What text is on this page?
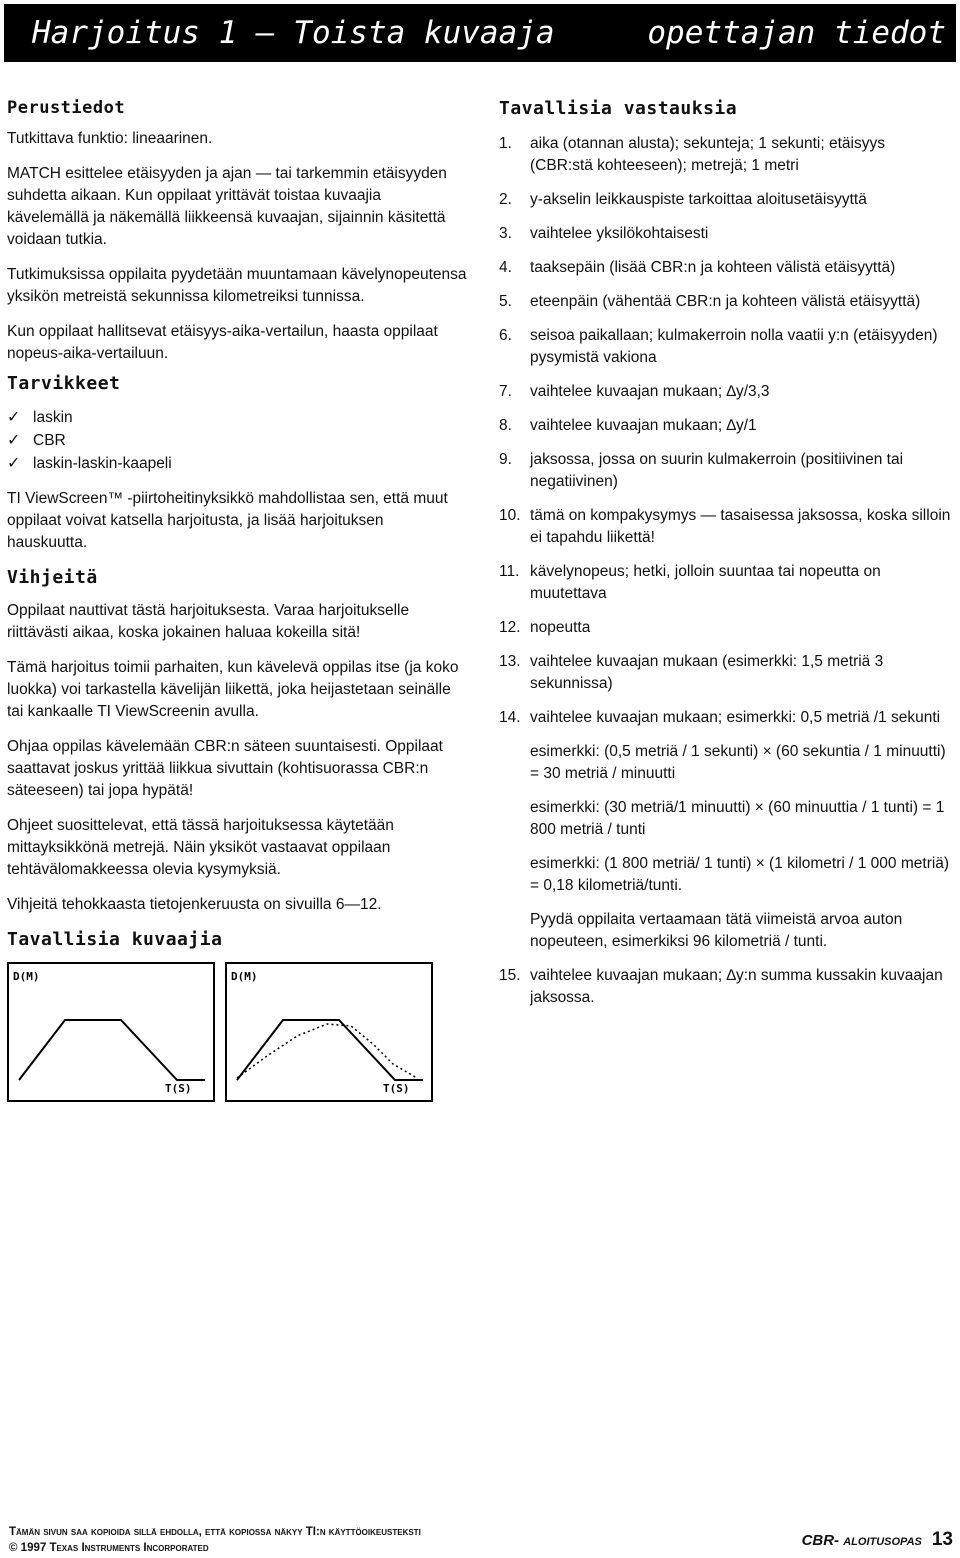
Harjoitus 1 — Toista kuvaaja	opettajan tiedot
Perustiedot

Tutkittava funktio: lineaarinen.

MATCH esittelee etäisyyden ja ajan — tai tarkemmin etäisyyden suhdetta aikaan. Kun oppilaat yrittävät toistaa kuvaajia kävelemällä ja näkemällä liikkeensä kuvaajan, sijainnin käsitettä voidaan tutkia.

Tutkimuksissa oppilaita pyydetään muuntamaan kävelynopeutensa yksikön metreistä sekunnissa kilometreiksi tunnissa.

Kun oppilaat hallitsevat etäisyys-aika-vertailun, haasta oppilaat nopeus-aika-vertailuun.

Tarvikkeet
✓ laskin
✓ CBR
✓ laskin-laskin-kaapeli

TI ViewScreen™ -piirtoheitinyksikkö mahdollistaa sen, että muut oppilaat voivat katsella harjoitusta, ja lisää harjoituksen hauskuutta.

Vihjeitä

Oppilaat nauttivat tästä harjoituksesta. Varaa harjoitukselle riittävästi aikaa, koska jokainen haluaa kokeilla sitä!

Tämä harjoitus toimii parhaiten, kun kävelevä oppilas itse (ja koko luokka) voi tarkastella kävelijän liikettä, joka heijastetaan seinälle tai kankaalle TI ViewScreenin avulla.

Ohjaa oppilas kävelemään CBR:n säteen suuntaisesti. Oppilaat saattavat joskus yrittää liikkua sivuttain (kohtisuorassa CBR:n säteeseen) tai jopa hypätä!

Ohjeet suosittelevat, että tässä harjoituksessa käytetään mittayksikkönä metrejä. Näin yksiköt vastaavat oppilaan tehtävälomakkeessa olevia kysymyksiä.

Vihjeitä tehokkaasta tietojenkeruusta on sivuilla 6—12.

Tavallisia kuvaajia
D(M)
T(S)
D(M)
T(S)
Tavallisia vastauksia
1.	aika (otannan alusta); sekunteja; 1 sekunti; etäisyys (CBR:stä kohteeseen); metrejä; 1 metri
2.	y-akselin leikkauspiste tarkoittaa aloitusetäisyyttä
3.	vaihtelee yksilökohtaisesti
4.	taaksepäin (lisää CBR:n ja kohteen välistä etäisyyttä)
5.	eteenpäin (vähentää CBR:n ja kohteen välistä etäisyyttä)
6.	seisoa paikallaan; kulmakerroin nolla vaatii y:n (etäisyyden) pysymistä vakiona
7.	vaihtelee kuvaajan mukaan; ∆y/3,3
8.	vaihtelee kuvaajan mukaan; ∆y/1
9.	jaksossa, jossa on suurin kulmakerroin (positiivinen tai negatiivinen)
10. tämä on kompakysymys — tasaisessa jaksossa, koska silloin ei tapahdu liikettä!
11. kävelynopeus; hetki, jolloin suuntaa tai nopeutta on muutettava
12. nopeutta
13. vaihtelee kuvaajan mukaan (esimerkki: 1,5 metriä 3 sekunnissa)
14. vaihtelee kuvaajan mukaan; esimerkki: 0,5 metriä /1 sekunti
esimerkki: (0,5 metriä / 1 sekunti) × (60 sekuntia / 1 minuutti) = 30 metriä / minuutti
esimerkki: (30 metriä/1 minuutti) × (60 minuuttia / 1 tunti) = 1 800 metriä / tunti
esimerkki: (1 800 metriä/ 1 tunti) × (1 kilometri / 1 000 metriä) = 0,18 kilometriä/tunti.
Pyydä oppilaita vertaamaan tätä viimeistä arvoa auton nopeuteen, esimerkiksi 96 kilometriä / tunti.
15. vaihtelee kuvaajan mukaan; ∆y:n summa kussakin kuvaajan jaksossa.
Tämän sivun saa kopioida sillä ehdolla, että kopiossa näkyy TI:n käyttöoikeusteksti
© 1997 Texas Instruments Incorporated	CBR- aloitusopas 13
